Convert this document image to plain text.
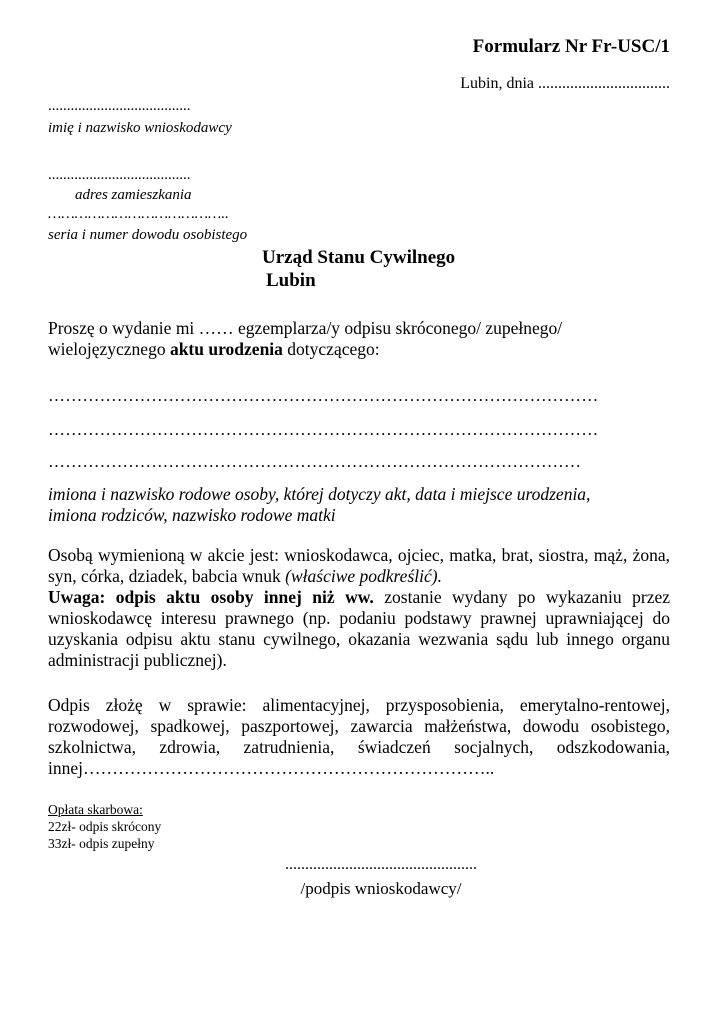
Formularz Nr Fr-USC/1
Lubin, dnia .................................
......................................
imię i nazwisko wnioskodawcy
......................................
adres zamieszkania
…………………………………..
seria i numer dowodu osobistego
Urząd Stanu Cywilnego
Lubin
Proszę o wydanie mi …… egzemplarza/y odpisu skróconego/ zupełnego/
wielojęzycznego aktu urodzenia dotyczącego:
……………………………………………………………………………………
……………………………………………………………………………………
…………………………………………………………………………………
imiona i nazwisko rodowe osoby, której dotyczy akt, data i miejsce urodzenia,
imiona rodziców, nazwisko rodowe matki
Osobą wymienioną w akcie jest: wnioskodawca, ojciec, matka, brat, siostra, mąż, żona, syn, córka, dziadek, babcia wnuk (właściwe podkreślić).
Uwaga: odpis aktu osoby innej niż ww. zostanie wydany po wykazaniu przez wnioskodawcę interesu prawnego (np. podaniu podstawy prawnej uprawniającej do uzyskania odpisu aktu stanu cywilnego, okazania wezwania sądu lub innego organu administracji publicznej).
Odpis złożę w sprawie: alimentacyjnej, przysposobienia, emerytalno-rentowej, rozwodowej, spadkowej, paszportowej, zawarcia małżeństwa, dowodu osobistego, szkolnictwa, zdrowia, zatrudnienia, świadczeń socjalnych, odszkodowania, innej……………………………………………………………..
Opłata skarbowa:
22zł- odpis skrócony
33zł- odpis zupełny
................................................
/podpis wnioskodawcy/
